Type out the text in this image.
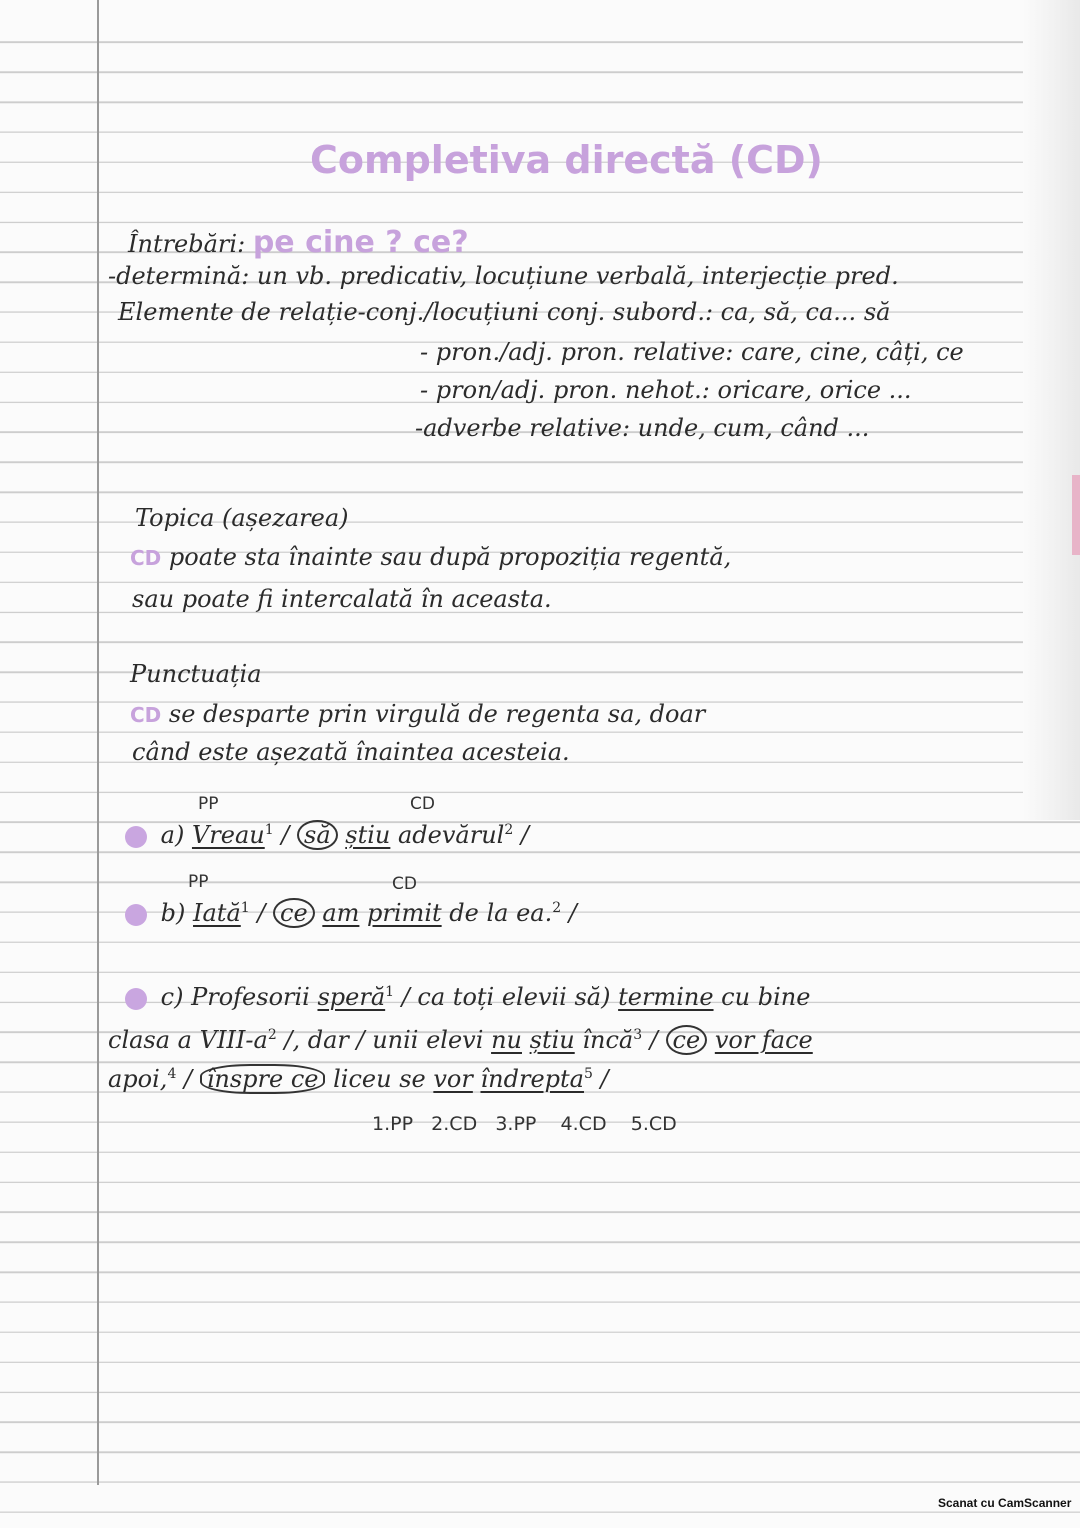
Completiva directă (CD)
Întrebări: pe cine ? ce?
-determină: un vb. predicativ, locuțiune verbală, interjecție pred.
Elemente de relație-conj./locuțiuni conj. subord.: ca, să, ca... să
- pron./adj. pron. relative: care, cine, câți, ce
- pron/adj. pron. nehot.: oricare, orice ...
-adverbe relative: unde, cum, când ...
Topica (așezarea)
CD poate sta înainte sau după propoziția regentă,
sau poate fi intercalată în aceasta.
Punctuația
CD se desparte prin virgulă de regenta sa, doar
când este așezată înaintea acesteia.
PP	CD
a) Vreau$^1$ / să știu adevărul$^2$ /
PP	CD
b) Iată$^1$ / ce am primit de la ea.$^2$ /
c) Profesorii speră$^1$ / ca toți elevii să) termine cu bine
clasa a VIII-$a^2$ /, dar / unii elevi nu știu încă$^3$ / ce vor face
apoi,$^4$ / înspre ce liceu se vor îndrepta$^5$ /
1.PP 2.CD 3.PP 4.CD 5.CD
Scanat cu CamScanner
